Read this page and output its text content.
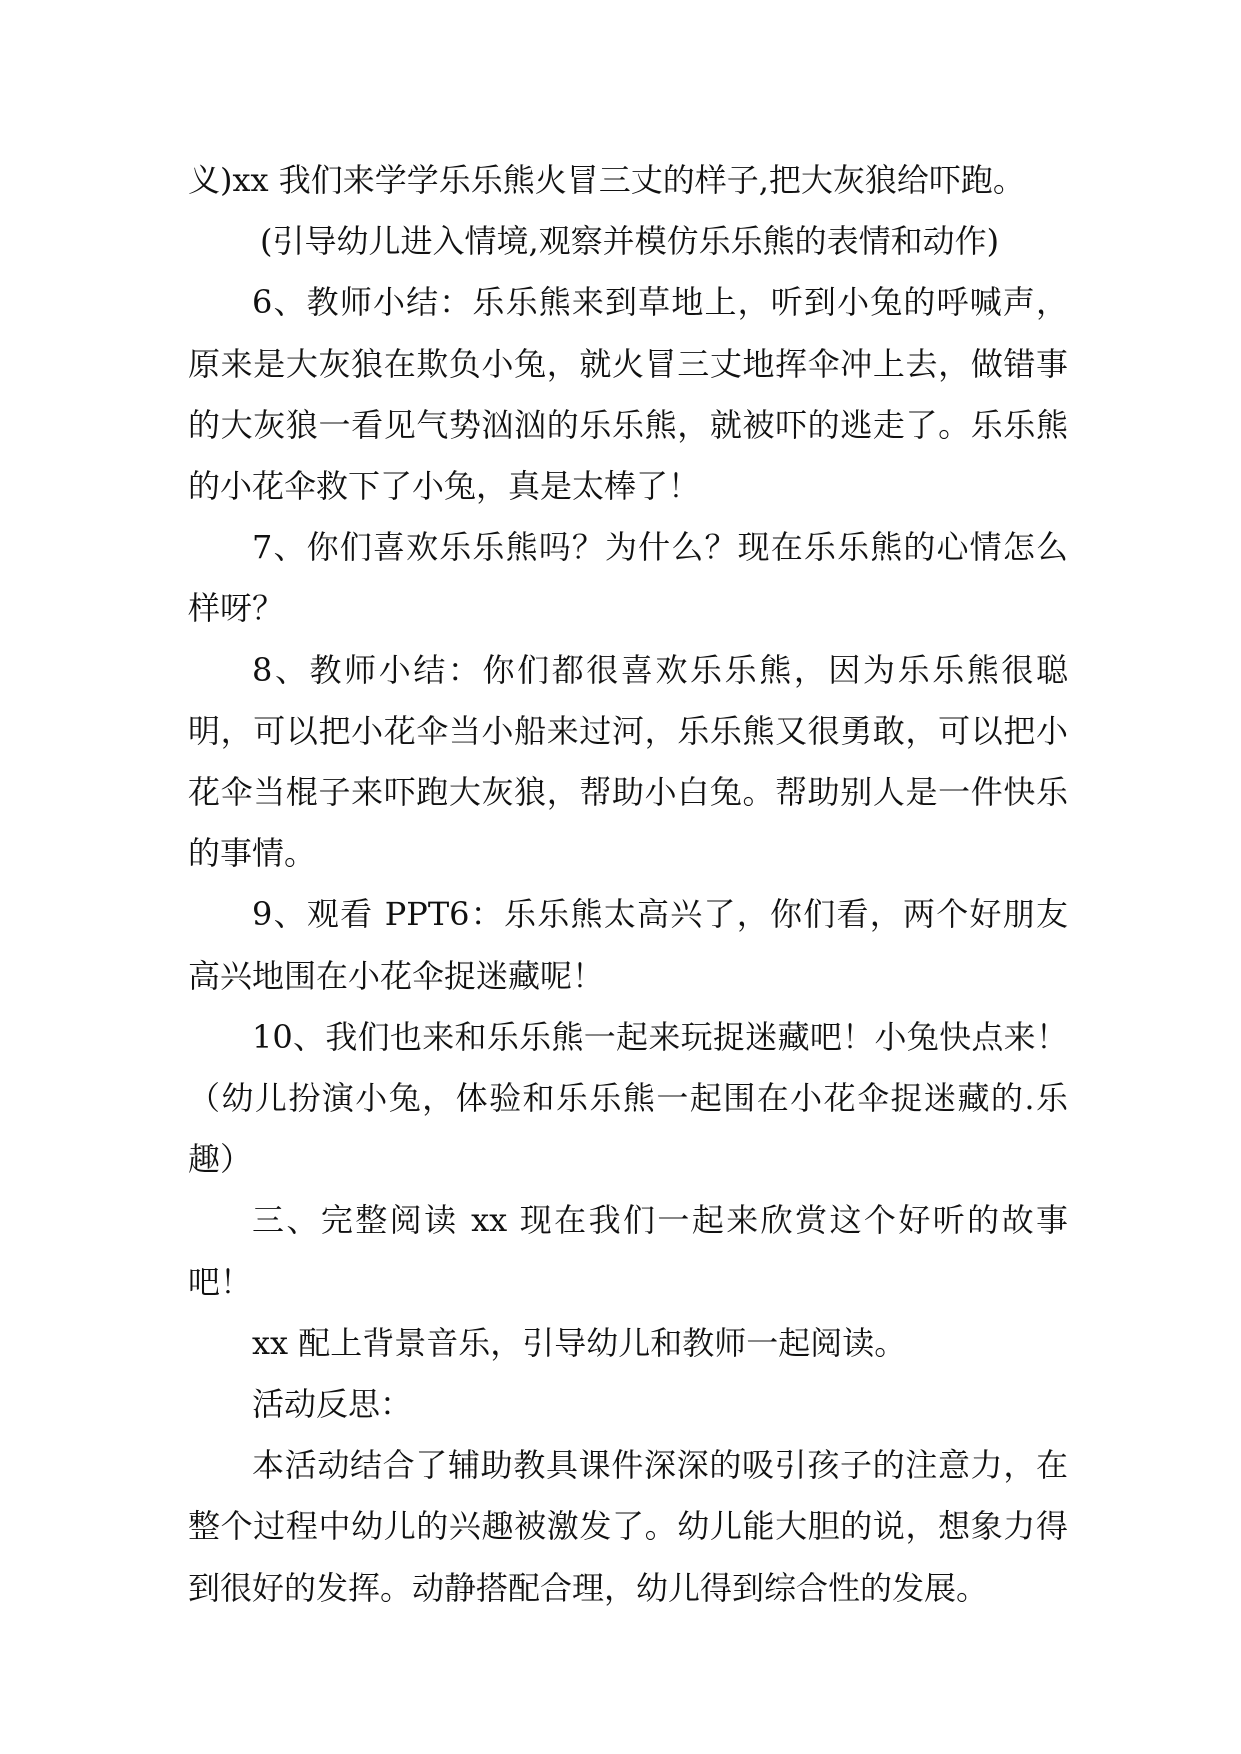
义)xx 我们来学学乐乐熊火冒三丈的样子,把大灰狼给吓跑。

(引导幼儿进入情境,观察并模仿乐乐熊的表情和动作)

6、教师小结：乐乐熊来到草地上，听到小兔的呼喊声，原来是大灰狼在欺负小兔，就火冒三丈地挥伞冲上去，做错事的大灰狼一看见气势汹汹的乐乐熊，就被吓的逃走了。乐乐熊的小花伞救下了小兔，真是太棒了！

7、你们喜欢乐乐熊吗？为什么？现在乐乐熊的心情怎么样呀？

8、教师小结：你们都很喜欢乐乐熊，因为乐乐熊很聪明，可以把小花伞当小船来过河，乐乐熊又很勇敢，可以把小花伞当棍子来吓跑大灰狼，帮助小白兔。帮助别人是一件快乐的事情。

9、观看 PPT6：乐乐熊太高兴了，你们看，两个好朋友高兴地围在小花伞捉迷藏呢！

10、我们也来和乐乐熊一起来玩捉迷藏吧！小兔快点来！（幼儿扮演小兔，体验和乐乐熊一起围在小花伞捉迷藏的.乐趣）

三、完整阅读 xx 现在我们一起来欣赏这个好听的故事吧！

xx 配上背景音乐，引导幼儿和教师一起阅读。

活动反思：

本活动结合了辅助教具课件深深的吸引孩子的注意力，在整个过程中幼儿的兴趣被激发了。幼儿能大胆的说，想象力得到很好的发挥。动静搭配合理，幼儿得到综合性的发展。
